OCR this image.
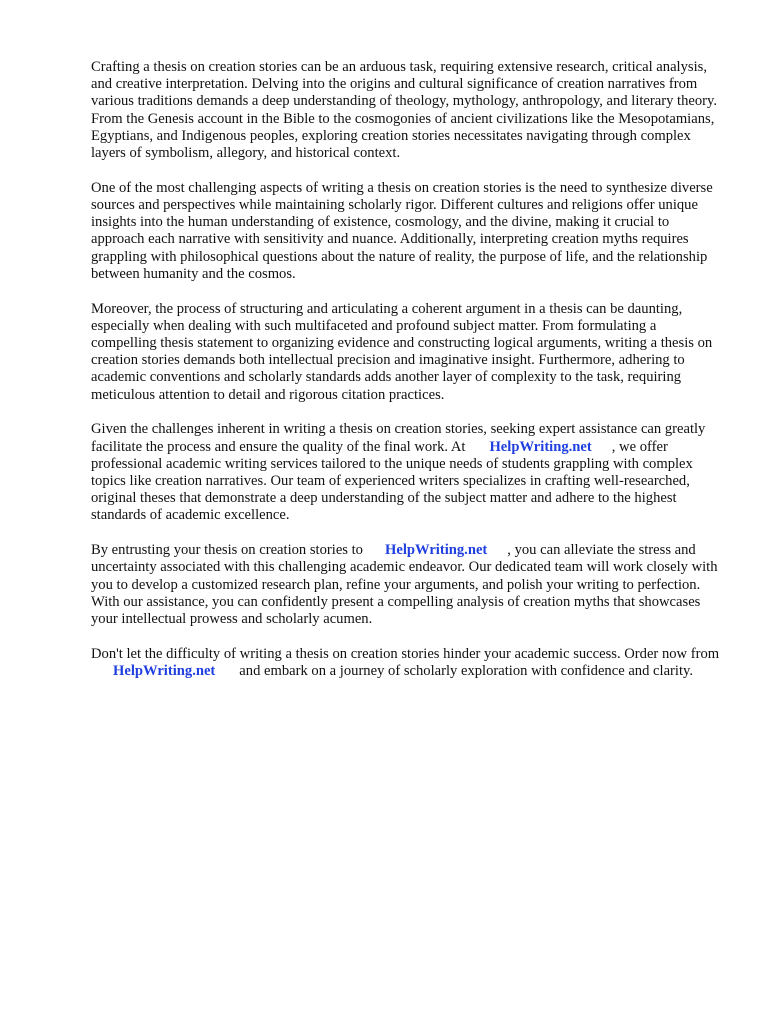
Crafting a thesis on creation stories can be an arduous task, requiring extensive research, critical analysis, and creative interpretation. Delving into the origins and cultural significance of creation narratives from various traditions demands a deep understanding of theology, mythology, anthropology, and literary theory. From the Genesis account in the Bible to the cosmogonies of ancient civilizations like the Mesopotamians, Egyptians, and Indigenous peoples, exploring creation stories necessitates navigating through complex layers of symbolism, allegory, and historical context.

One of the most challenging aspects of writing a thesis on creation stories is the need to synthesize diverse sources and perspectives while maintaining scholarly rigor. Different cultures and religions offer unique insights into the human understanding of existence, cosmology, and the divine, making it crucial to approach each narrative with sensitivity and nuance. Additionally, interpreting creation myths requires grappling with philosophical questions about the nature of reality, the purpose of life, and the relationship between humanity and the cosmos.

Moreover, the process of structuring and articulating a coherent argument in a thesis can be daunting, especially when dealing with such multifaceted and profound subject matter. From formulating a compelling thesis statement to organizing evidence and constructing logical arguments, writing a thesis on creation stories demands both intellectual precision and imaginative insight. Furthermore, adhering to academic conventions and scholarly standards adds another layer of complexity to the task, requiring meticulous attention to detail and rigorous citation practices.

Given the challenges inherent in writing a thesis on creation stories, seeking expert assistance can greatly facilitate the process and ensure the quality of the final work. At HelpWriting.net , we offer professional academic writing services tailored to the unique needs of students grappling with complex topics like creation narratives. Our team of experienced writers specializes in crafting well-researched, original theses that demonstrate a deep understanding of the subject matter and adhere to the highest standards of academic excellence.

By entrusting your thesis on creation stories to HelpWriting.net , you can alleviate the stress and uncertainty associated with this challenging academic endeavor. Our dedicated team will work closely with you to develop a customized research plan, refine your arguments, and polish your writing to perfection. With our assistance, you can confidently present a compelling analysis of creation myths that showcases your intellectual prowess and scholarly acumen.

Don't let the difficulty of writing a thesis on creation stories hinder your academic success. Order now fromHelpWriting.net and embark on a journey of scholarly exploration with confidence and clarity.
